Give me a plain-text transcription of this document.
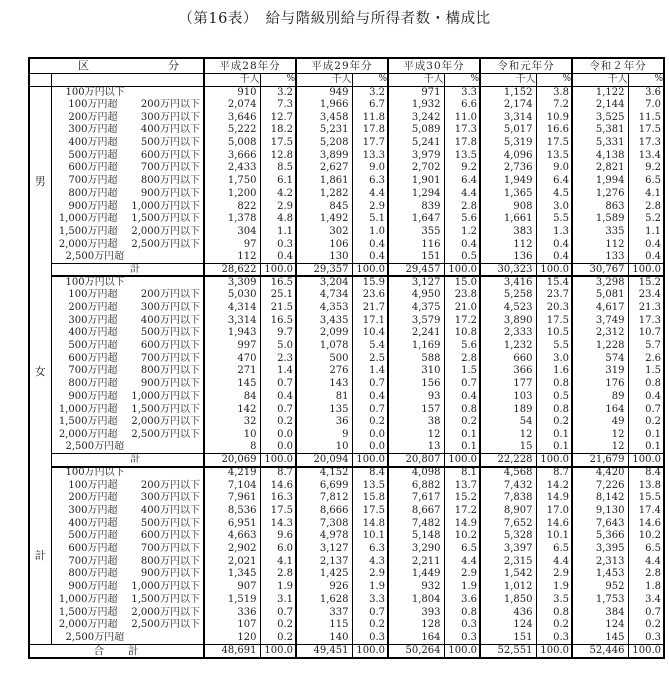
（第16表）　給与階級別給与所得者数・構成比
区 分		平成28年分		平成29年分		平成30年分		令和元年分		令和２年分	
		千人	%	千人	%	千人	%	千人	%	千人	%
男	100万円以下	910	3.2	949	3.2	971	3.3	1,152	3.8	1,122	3.6

	100万円超 200万円以下	2,074	7.3	1,966	6.7	1,932	6.6	2,174	7.2	2,144	7.0

	200万円超 300万円以下	3,646	12.7	3,458	11.8	3,242	11.0	3,314	10.9	3,525	11.5

	300万円超 400万円以下	5,222	18.2	5,231	17.8	5,089	17.3	5,017	16.6	5,381	17.5

	400万円超 500万円以下	5,008	17.5	5,208	17.7	5,241	17.8	5,319	17.5	5,331	17.3

	500万円超 600万円以下	3,666	12.8	3,899	13.3	3,979	13.5	4,096	13.5	4,138	13.4

	600万円超 700万円以下	2,433	8.5	2,627	9.0	2,702	9.2	2,736	9.0	2,821	9.2

	700万円超 800万円以下	1,750	6.1	1,861	6.3	1,901	6.4	1,949	6.4	1,994	6.5

	800万円超 900万円以下	1,200	4.2	1,282	4.4	1,294	4.4	1,365	4.5	1,276	4.1

	900万円超 1,000万円以下	822	2.9	845	2.9	839	2.8	908	3.0	863	2.8

	1,000万円超 1,500万円以下	1,378	4.8	1,492	5.1	1,647	5.6	1,661	5.5	1,589	5.2

	1,500万円超 2,000万円以下	304	1.1	302	1.0	355	1.2	383	1.3	335	1.1

	2,000万円超 2,500万円以下	97	0.3	106	0.4	116	0.4	112	0.4	112	0.4

	2,500万円超	112	0.4	130	0.4	151	0.5	136	0.4	133	0.4
	計	28,622	100.0	29,357	100.0	29,457	100.0	30,323	100.0	30,767	100.0
女	100万円以下	3,309	16.5	3,204	15.9	3,127	15.0	3,416	15.4	3,298	15.2

	100万円超 200万円以下	5,030	25.1	4,734	23.6	4,950	23.8	5,258	23.7	5,081	23.4

	200万円超 300万円以下	4,314	21.5	4,353	21.7	4,375	21.0	4,523	20.3	4,617	21.3

	300万円超 400万円以下	3,314	16.5	3,435	17.1	3,579	17.2	3,890	17.5	3,749	17.3

	400万円超 500万円以下	1,943	9.7	2,099	10.4	2,241	10.8	2,333	10.5	2,312	10.7

	500万円超 600万円以下	997	5.0	1,078	5.4	1,169	5.6	1,232	5.5	1,228	5.7

	600万円超 700万円以下	470	2.3	500	2.5	588	2.8	660	3.0	574	2.6

	700万円超 800万円以下	271	1.4	276	1.4	310	1.5	366	1.6	319	1.5

	800万円超 900万円以下	145	0.7	143	0.7	156	0.7	177	0.8	176	0.8

	900万円超 1,000万円以下	84	0.4	81	0.4	93	0.4	103	0.5	89	0.4

	1,000万円超 1,500万円以下	142	0.7	135	0.7	157	0.8	189	0.8	164	0.7

	1,500万円超 2,000万円以下	32	0.2	36	0.2	38	0.2	54	0.2	49	0.2

	2,000万円超 2,500万円以下	10	0.0	9	0.0	12	0.1	12	0.1	12	0.1

	2,500万円超	8	0.0	10	0.0	13	0.1	15	0.1	12	0.1
	計	20,069	100.0	20,094	100.0	20,807	100.0	22,228	100.0	21,679	100.0
計	100万円以下	4,219	8.7	4,152	8.4	4,098	8.1	4,568	8.7	4,420	8.4

	100万円超 200万円以下	7,104	14.6	6,699	13.5	6,882	13.7	7,432	14.2	7,226	13.8

	200万円超 300万円以下	7,961	16.3	7,812	15.8	7,617	15.2	7,838	14.9	8,142	15.5

	300万円超 400万円以下	8,536	17.5	8,666	17.5	8,667	17.2	8,907	17.0	9,130	17.4

	400万円超 500万円以下	6,951	14.3	7,308	14.8	7,482	14.9	7,652	14.6	7,643	14.6

	500万円超 600万円以下	4,663	9.6	4,978	10.1	5,148	10.2	5,328	10.1	5,366	10.2

	600万円超 700万円以下	2,902	6.0	3,127	6.3	3,290	6.5	3,397	6.5	3,395	6.5

	700万円超 800万円以下	2,021	4.1	2,137	4.3	2,211	4.4	2,315	4.4	2,313	4.4

	800万円超 900万円以下	1,345	2.8	1,425	2.9	1,449	2.9	1,542	2.9	1,453	2.8

	900万円超 1,000万円以下	907	1.9	926	1.9	932	1.9	1,012	1.9	952	1.8

	1,000万円超 1,500万円以下	1,519	3.1	1,628	3.3	1,804	3.6	1,850	3.5	1,753	3.4

	1,500万円超 2,000万円以下	336	0.7	337	0.7	393	0.8	436	0.8	384	0.7

	2,000万円超 2,500万円以下	107	0.2	115	0.2	128	0.3	124	0.2	124	0.2

	2,500万円超	120	0.2	140	0.3	164	0.3	151	0.3	145	0.3
合　　計		48,691	100.0	49,451	100.0	50,264	100.0	52,551	100.0	52,446	100.0
